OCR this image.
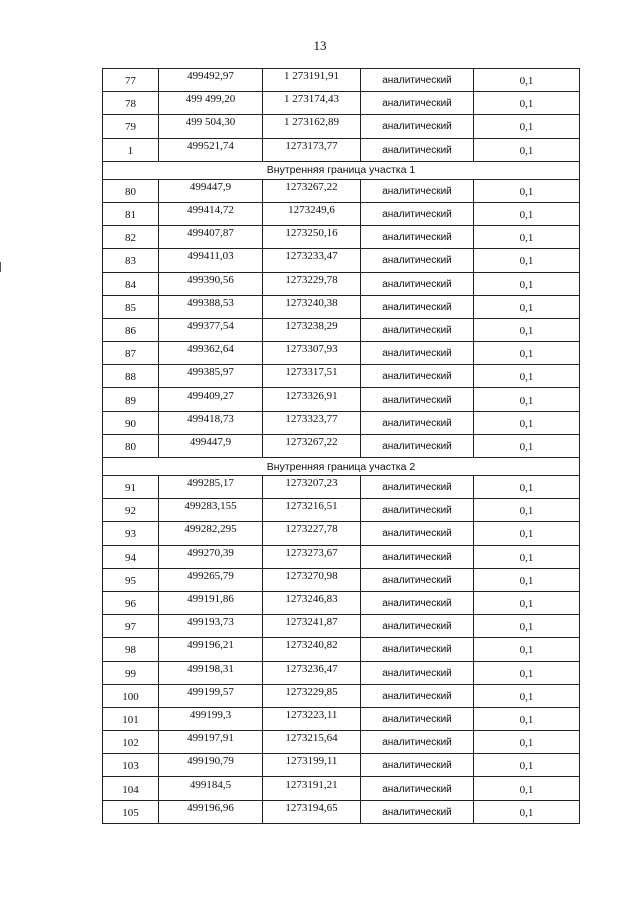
13
77	499492,97	1 273191,91	аналитический	0,1
78	499 499,20	1 273174,43	аналитический	0,1
79	499 504,30	1 273162,89	аналитический	0,1
1	499521,74	1273173,77	аналитический	0,1
Внутренняя граница участка 1				
80	499447,9	1273267,22	аналитический	0,1
81	499414,72	1273249,6	аналитический	0,1
82	499407,87	1273250,16	аналитический	0,1
83	499411,03	1273233,47	аналитический	0,1
84	499390,56	1273229,78	аналитический	0,1
85	499388,53	1273240,38	аналитический	0,1
86	499377,54	1273238,29	аналитический	0,1
87	499362,64	1273307,93	аналитический	0,1
88	499385,97	1273317,51	аналитический	0,1
89	499409,27	1273326,91	аналитический	0,1
90	499418,73	1273323,77	аналитический	0,1
80	499447,9	1273267,22	аналитический	0,1
Внутренняя граница участка 2				
91	499285,17	1273207,23	аналитический	0,1
92	499283,155	1273216,51	аналитический	0,1
93	499282,295	1273227,78	аналитический	0,1
94	499270,39	1273273,67	аналитический	0,1
95	499265,79	1273270,98	аналитический	0,1
96	499191,86	1273246,83	аналитический	0,1
97	499193,73	1273241,87	аналитический	0,1
98	499196,21	1273240,82	аналитический	0,1
99	499198,31	1273236,47	аналитический	0,1
100	499199,57	1273229,85	аналитический	0,1
101	499199,3	1273223,11	аналитический	0,1
102	499197,91	1273215,64	аналитический	0,1
103	499190,79	1273199,11	аналитический	0,1
104	499184,5	1273191,21	аналитический	0,1
105	499196,96	1273194,65	аналитический	0,1
